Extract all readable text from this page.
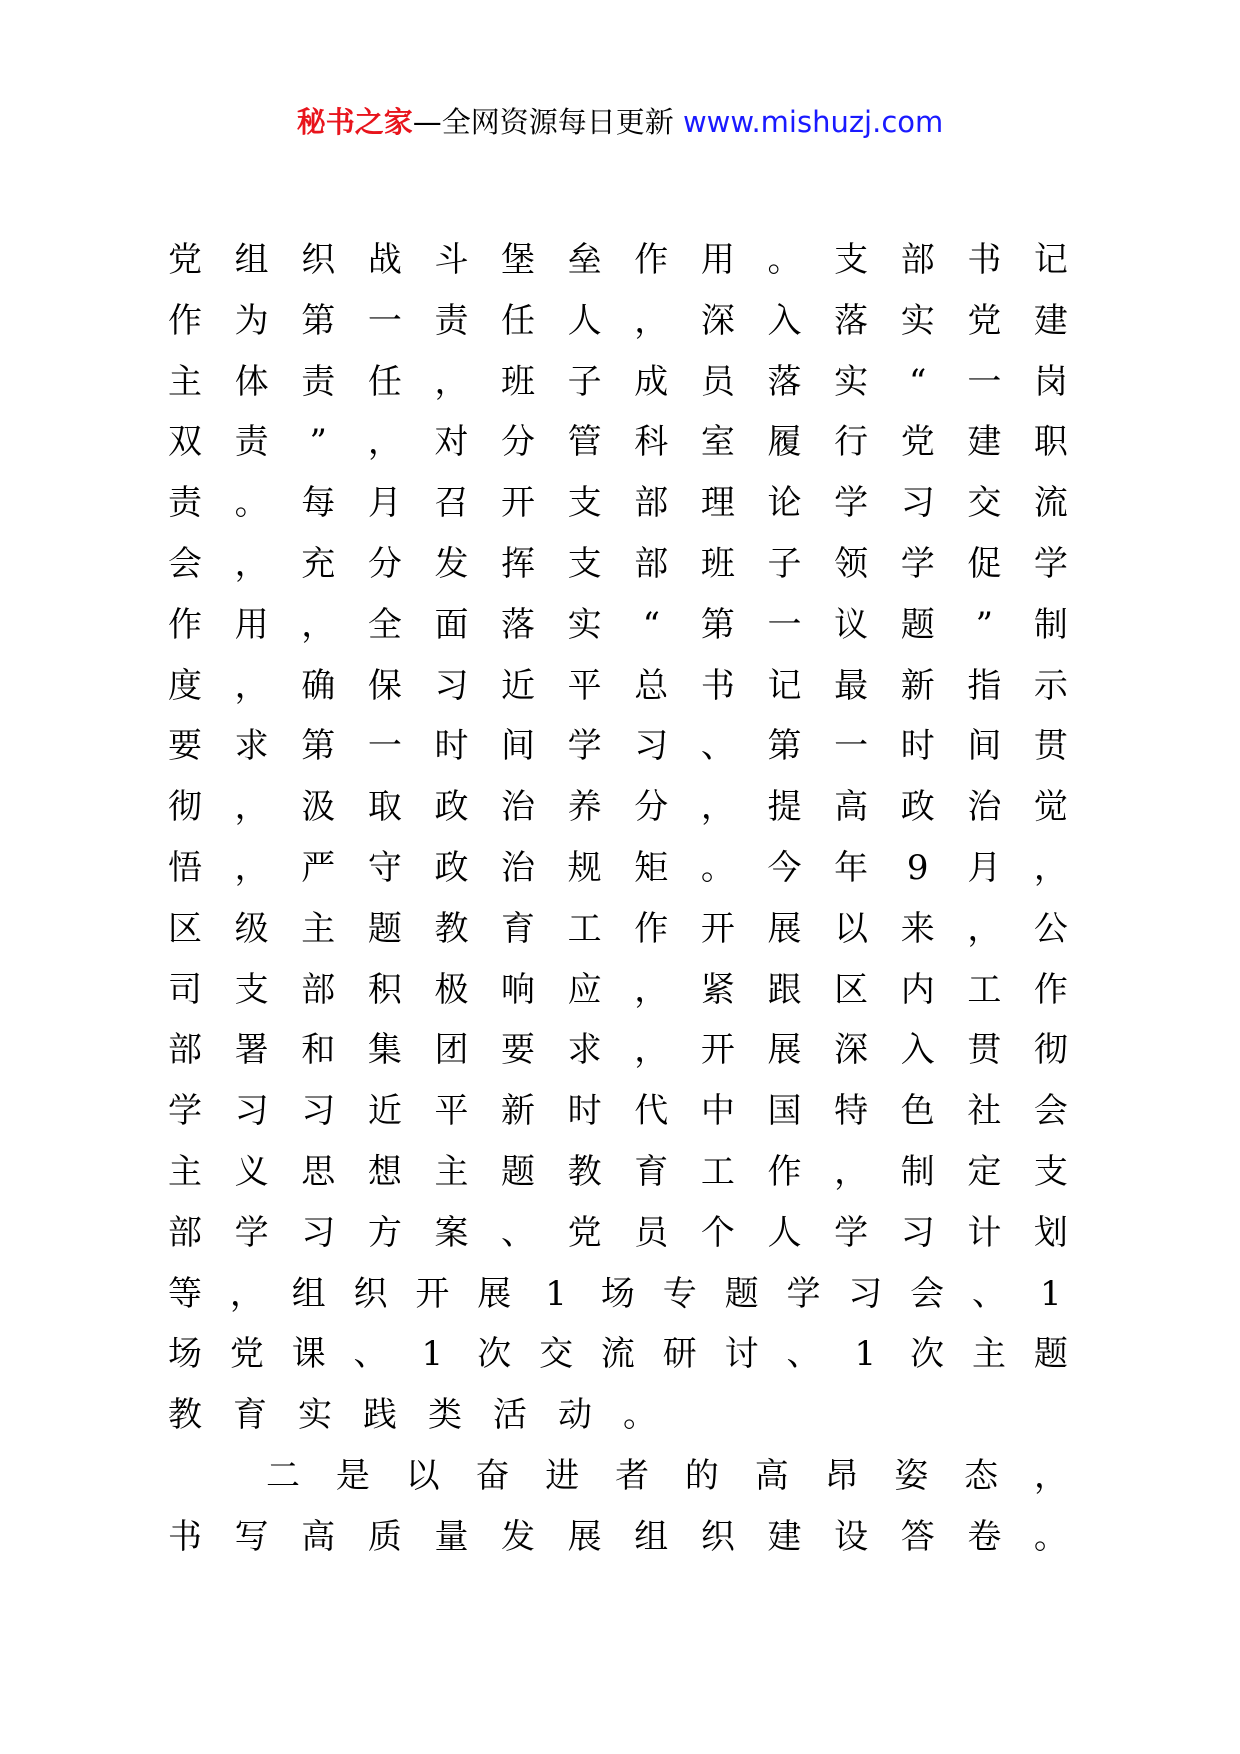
秘书之家—全网资源每日更新 www.mishuzj.com
党 组 织 战 斗 堡 垒 作 用 。 支 部 书 记
作 为 第 一 责 任 人 ， 深 入 落 实 党 建
主 体 责 任 ， 班 子 成 员 落 实 “ 一 岗
双 责 ” ， 对 分 管 科 室 履 行 党 建 职
责 。 每 月 召 开 支 部 理 论 学 习 交 流
会 ， 充 分 发 挥 支 部 班 子 领 学 促 学
作 用 ， 全 面 落 实 “ 第 一 议 题 ” 制
度 ， 确 保 习 近 平 总 书 记 最 新 指 示
要 求 第 一 时 间 学 习 、 第 一 时 间 贯
彻 ， 汲 取 政 治 养 分 ， 提 高 政 治 觉
悟 ， 严 守 政 治 规 矩 。 今 年 9 月 ，
区 级 主 题 教 育 工 作 开 展 以 来 ， 公
司 支 部 积 极 响 应 ， 紧 跟 区 内 工 作
部 署 和 集 团 要 求 ， 开 展 深 入 贯 彻
学 习 习 近 平 新 时 代 中 国 特 色 社 会
主 义 思 想 主 题 教 育 工 作 ， 制 定 支
部 学 习 方 案 、 党 员 个 人 学 习 计 划
等 ， 组 织 开 展 1 场 专 题 学 习 会 、 1
场 党 课 、 1 次 交 流 研 讨 、 1 次 主 题
教 育 实 践 类 活 动 。
二 是 以 奋 进 者 的 高 昂 姿 态 ，
书 写 高 质 量 发 展 组 织 建 设 答 卷 。
